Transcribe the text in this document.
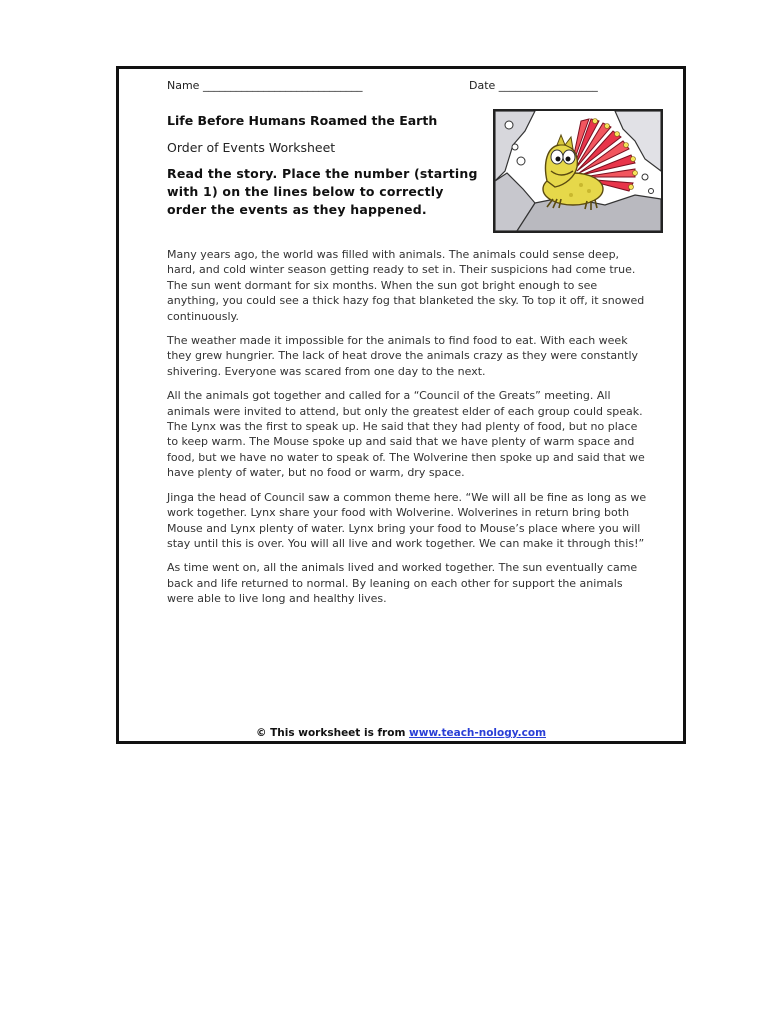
Name _____________________________	Date __________________
Life Before Humans Roamed the Earth
Order of Events Worksheet
Read the story. Place the number (starting with 1) on the lines below to correctly order the events as they happened.

Many years ago, the world was filled with animals. The animals could sense deep, hard, and cold winter season getting ready to set in. Their suspicions had come true. The sun went dormant for six months. When the sun got bright enough to see anything, you could see a thick hazy fog that blanketed the sky. To top it off, it snowed continuously.

The weather made it impossible for the animals to find food to eat. With each week they grew hungrier. The lack of heat drove the animals crazy as they were constantly shivering. Everyone was scared from one day to the next.

All the animals got together and called for a “Council of the Greats” meeting. All animals were invited to attend, but only the greatest elder of each group could speak. The Lynx was the first to speak up. He said that they had plenty of food, but no place to keep warm. The Mouse spoke up and said that we have plenty of warm space and food, but we have no water to speak of. The Wolverine then spoke up and said that we have plenty of water, but no food or warm, dry space.

Jinga the head of Council saw a common theme here. “We will all be fine as long as we work together. Lynx share your food with Wolverine. Wolverines in return bring both Mouse and Lynx plenty of water. Lynx bring your food to Mouse’s place where you will stay until this is over. You will all live and work together. We can make it through this!”

As time went on, all the animals lived and worked together. The sun eventually came back and life returned to normal. By leaning on each other for support the animals were able to live long and healthy lives.

© This worksheet is from www.teach-nology.com
